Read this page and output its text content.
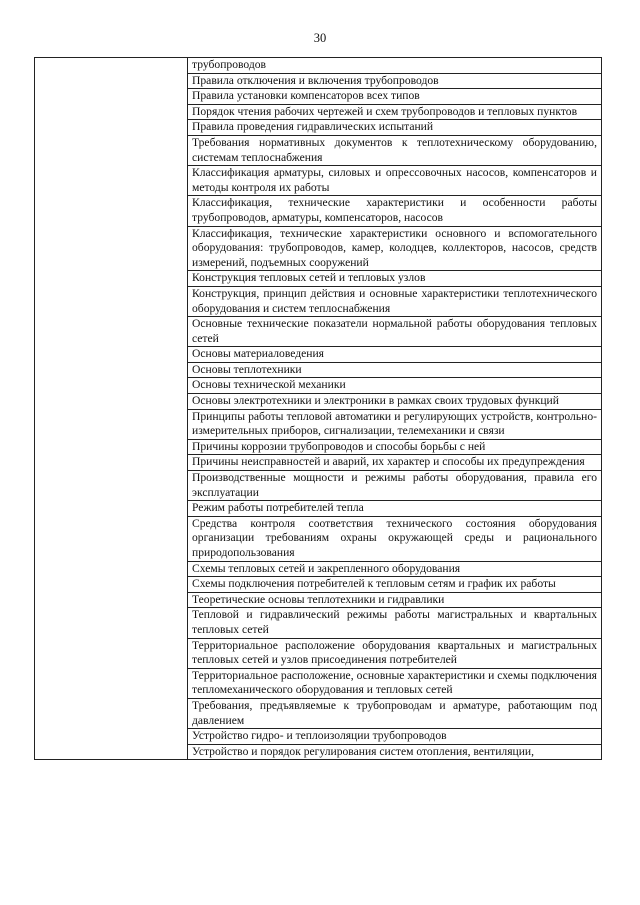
30

трубопроводов
Правила отключения и включения трубопроводов
Правила установки компенсаторов всех типов
Порядок чтения рабочих чертежей и схем трубопроводов и тепловых пунктов
Правила проведения гидравлических испытаний
Требования нормативных документов к теплотехническому оборудованию, системам теплоснабжения
Классификация арматуры, силовых и опрессовочных насосов, компенсаторов и методы контроля их работы
Классификация, технические характеристики и особенности работы трубопроводов, арматуры, компенсаторов, насосов
Классификация, технические характеристики основного и вспомогательного оборудования: трубопроводов, камер, колодцев, коллекторов, насосов, средств измерений, подъемных сооружений
Конструкция тепловых сетей и тепловых узлов
Конструкция, принцип действия и основные характеристики теплотехнического оборудования и систем теплоснабжения
Основные технические показатели нормальной работы оборудования тепловых сетей
Основы материаловедения
Основы теплотехники
Основы технической механики
Основы электротехники и электроники в рамках своих трудовых функций
Принципы работы тепловой автоматики и регулирующих устройств, контрольно-измерительных приборов, сигнализации, телемеханики и связи
Причины коррозии трубопроводов и способы борьбы с ней
Причины неисправностей и аварий, их характер и способы их предупреждения
Производственные мощности и режимы работы оборудования, правила его эксплуатации
Режим работы потребителей тепла
Средства контроля соответствия технического состояния оборудования организации требованиям охраны окружающей среды и рационального природопользования
Схемы тепловых сетей и закрепленного оборудования
Схемы подключения потребителей к тепловым сетям и график их работы
Теоретические основы теплотехники и гидравлики
Тепловой и гидравлический режимы работы магистральных и квартальных тепловых сетей
Территориальное расположение оборудования квартальных и магистральных тепловых сетей и узлов присоединения потребителей
Территориальное расположение, основные характеристики и схемы подключения тепломеханического оборудования и тепловых сетей
Требования, предъявляемые к трубопроводам и арматуре, работающим под давлением
Устройство гидро- и теплоизоляции трубопроводов
Устройство и порядок регулирования систем отопления, вентиляции,
